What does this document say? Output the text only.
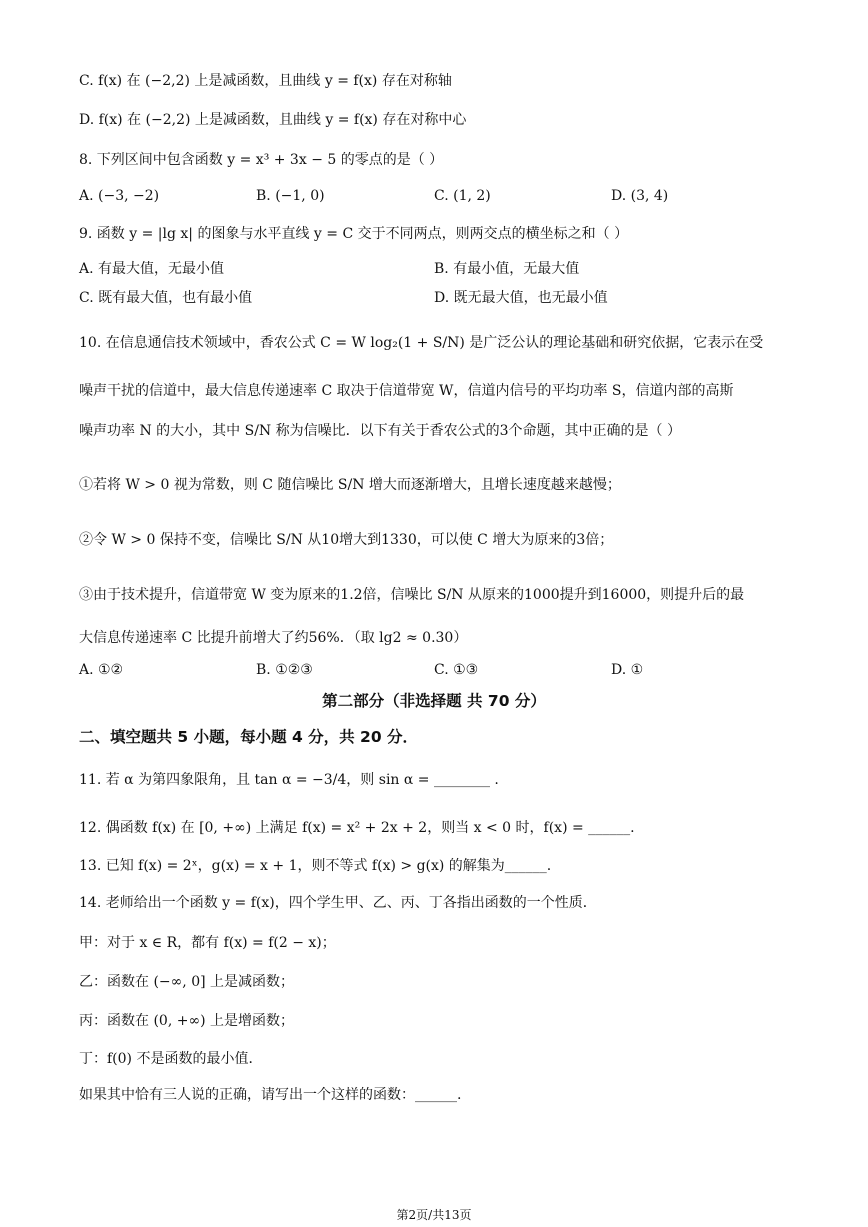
C. f(x) 在 (−2,2) 上是减函数，且曲线 y = f(x) 存在对称轴
D. f(x) 在 (−2,2) 上是减函数，且曲线 y = f(x) 存在对称中心
8. 下列区间中包含函数 y = x³ + 3x − 5 的零点的是（ ）
A. (−3, −2)	B. (−1, 0)	C. (1, 2)	D. (3, 4)
9. 函数 y = |lg x| 的图象与水平直线 y = C 交于不同两点，则两交点的横坐标之和（ ）
A. 有最大值，无最小值	B. 有最小值，无最大值
C. 既有最大值，也有最小值	D. 既无最大值，也无最小值
10. 在信息通信技术领域中，香农公式 C = W log₂(1 + S/N) 是广泛公认的理论基础和研究依据，它表示在受
噪声干扰的信道中，最大信息传递速率 C 取决于信道带宽 W，信道内信号的平均功率 S，信道内部的高斯
噪声功率 N 的大小，其中 S/N 称为信噪比．以下有关于香农公式的3个命题，其中正确的是（ ）
①若将 W > 0 视为常数，则 C 随信噪比 S/N 增大而逐渐增大，且增长速度越来越慢；
②令 W > 0 保持不变，信噪比 S/N 从10增大到1330，可以使 C 增大为原来的3倍；
③由于技术提升，信道带宽 W 变为原来的1.2倍，信噪比 S/N 从原来的1000提升到16000，则提升后的最
大信息传递速率 C 比提升前增大了约56%．（取 lg2 ≈ 0.30）
A. ①②	B. ①②③	C. ①③	D. ①
第二部分（非选择题 共 70 分）
二、填空题共 5 小题，每小题 4 分，共 20 分．
11. 若 α 为第四象限角，且 tan α = −3/4，则 sin α = ________ .
12. 偶函数 f(x) 在 [0, +∞) 上满足 f(x) = x² + 2x + 2，则当 x < 0 时，f(x) = ______.
13. 已知 f(x) = 2ˣ，g(x) = x + 1，则不等式 f(x) > g(x) 的解集为______.
14. 老师给出一个函数 y = f(x)，四个学生甲、乙、丙、丁各指出函数的一个性质．
甲：对于 x ∈ R，都有 f(x) = f(2 − x)；
乙：函数在 (−∞, 0] 上是减函数；
丙：函数在 (0, +∞) 上是增函数；
丁：f(0) 不是函数的最小值．
如果其中恰有三人说的正确，请写出一个这样的函数：______.
第2页/共13页
